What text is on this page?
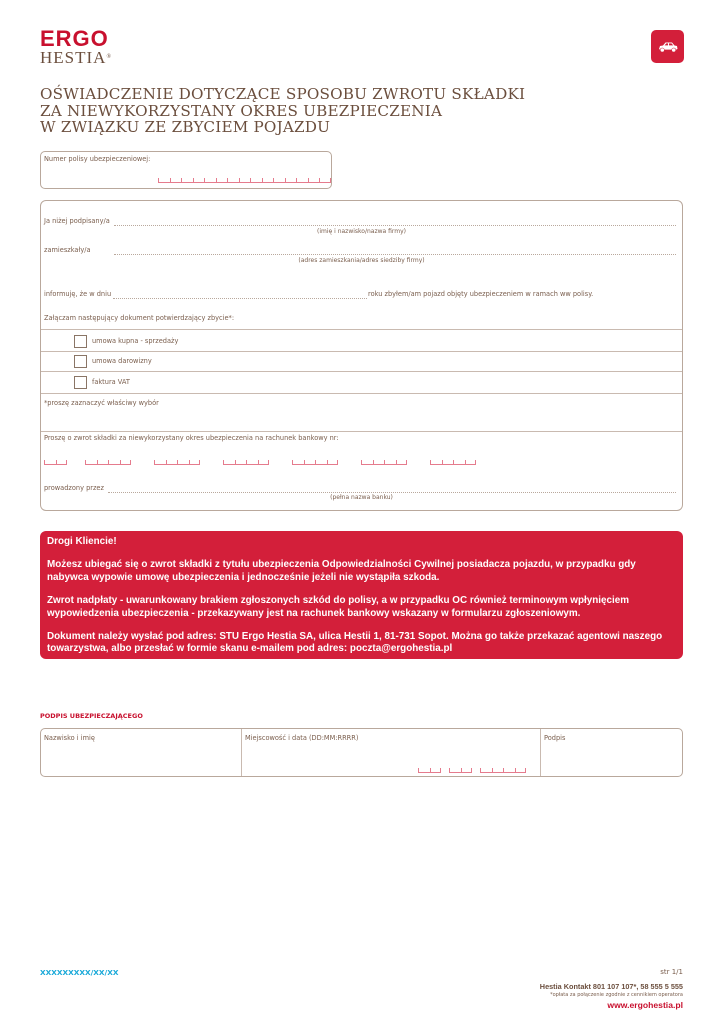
ERGO
HESTIA®
OŚWIADCZENIE DOTYCZĄCE SPOSOBU ZWROTU SKŁADKI
ZA NIEWYKORZYSTANY OKRES UBEZPIECZENIA
W ZWIĄZKU ZE ZBYCIEM POJAZDU
Numer polisy ubezpieczeniowej:
Ja niżej podpisany/a
(imię i nazwisko/nazwa firmy)
zamieszkały/a
(adres zamieszkania/adres siedziby firmy)
informuję, że w dniu	roku zbyłem/am pojazd objęty ubezpieczeniem w ramach ww polisy.
Załączam następujący dokument potwierdzający zbycie*:
umowa kupna - sprzedaży
umowa darowizny
faktura VAT
*proszę zaznaczyć właściwy wybór
Proszę o zwrot składki za niewykorzystany okres ubezpieczenia na rachunek bankowy nr:
prowadzony przez
(pełna nazwa banku)

Drogi Kliencie!

Możesz ubiegać się o zwrot składki z tytułu ubezpieczenia Odpowiedzialności Cywilnej posiadacza pojazdu, w przypadku gdy nabywca wypowie umowę ubezpieczenia i jednocześnie jeżeli nie wystąpiła szkoda.

Zwrot nadpłaty - uwarunkowany brakiem zgłoszonych szkód do polisy, a w przypadku OC również terminowym wpłynięciem wypowiedzenia ubezpieczenia - przekazywany jest na rachunek bankowy wskazany w formularzu zgłoszeniowym.

Dokument należy wysłać pod adres: STU Ergo Hestia SA, ulica Hestii 1, 81-731 Sopot. Można go także przekazać agentowi naszego towarzystwa, albo przesłać w formie skanu e-mailem pod adres: poczta@ergohestia.pl

PODPIS UBEZPIECZAJĄCEGO
Nazwisko i imię	Miejscowość i data (DD:MM:RRRR)	Podpis
XXXXXXXXX/XX/XX	str 1/1
Hestia Kontakt 801 107 107*, 58 555 5 555
*opłata za połączenie zgodnie z cennikiem operatora
www.ergohestia.pl
